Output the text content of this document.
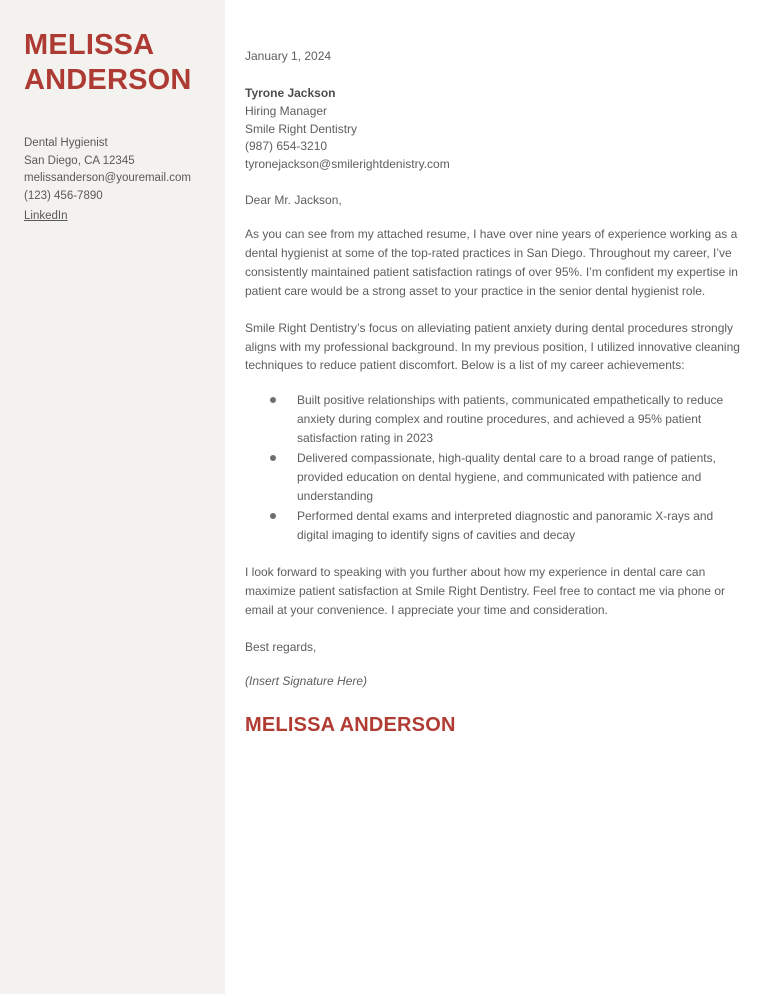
MELISSA
ANDERSON
Dental Hygienist
San Diego, CA 12345
melissanderson@youremail.com
(123) 456-7890
LinkedIn
January 1, 2024
Tyrone Jackson
Hiring Manager
Smile Right Dentistry
(987) 654-3210
tyronejackson@smilerightdenistry.com
Dear Mr. Jackson,

As you can see from my attached resume, I have over nine years of experience working as a dental hygienist at some of the top-rated practices in San Diego. Throughout my career, I’ve consistently maintained patient satisfaction ratings of over 95%. I’m confident my expertise in patient care would be a strong asset to your practice in the senior dental hygienist role.

Smile Right Dentistry’s focus on alleviating patient anxiety during dental procedures strongly aligns with my professional background. In my previous position, I utilized innovative cleaning techniques to reduce patient discomfort. Below is a list of my career achievements:

Built positive relationships with patients, communicated empathetically to reduce anxiety during complex and routine procedures, and achieved a 95% patient satisfaction rating in 2023
Delivered compassionate, high-quality dental care to a broad range of patients, provided education on dental hygiene, and communicated with patience and understanding
Performed dental exams and interpreted diagnostic and panoramic X-rays and digital imaging to identify signs of cavities and decay

I look forward to speaking with you further about how my experience in dental care can maximize patient satisfaction at Smile Right Dentistry. Feel free to contact me via phone or email at your convenience. I appreciate your time and consideration.

Best regards,
(Insert Signature Here)
MELISSA ANDERSON
